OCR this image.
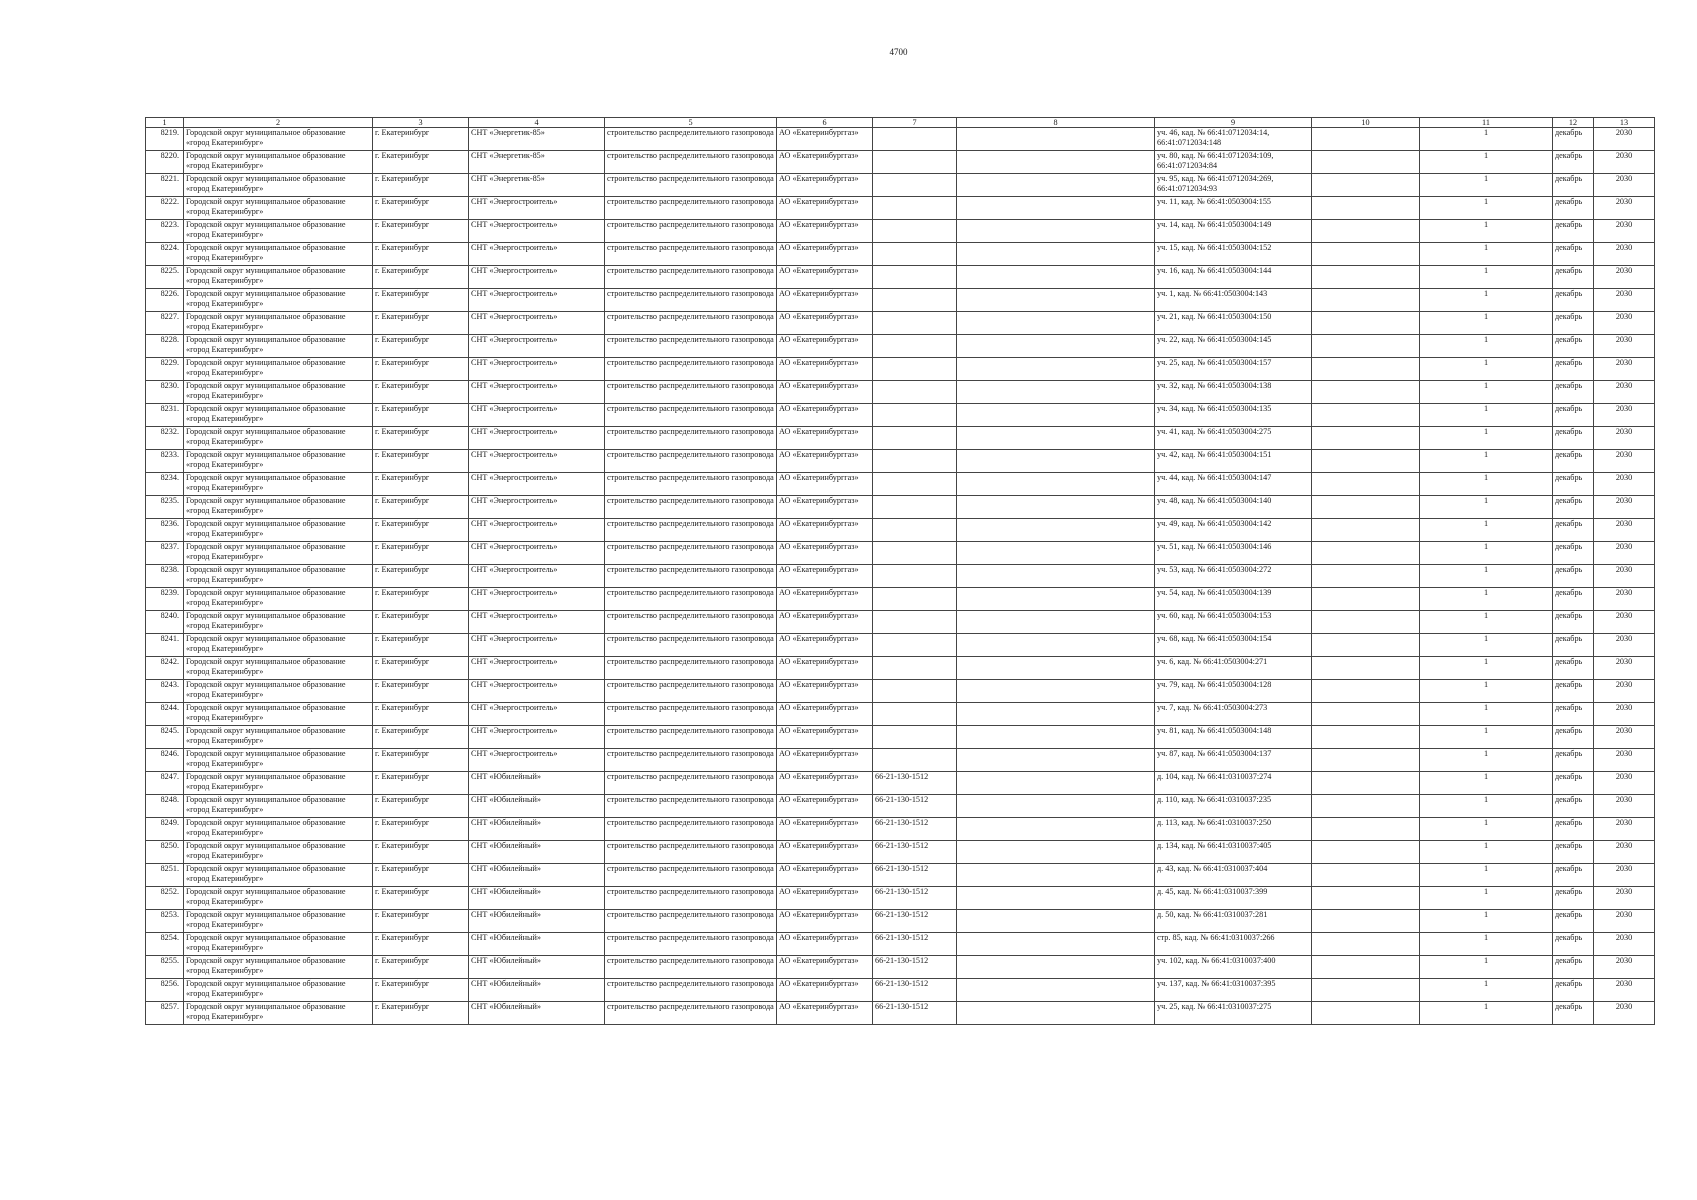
4700
1	2	3	4	5	6	7	8	9	10	11	12	13
8219.	Городской округ муниципальное образование «город Екатеринбург»	г. Екатеринбург	СНТ «Энергетик-85»	строительство распределительного газопровода	АО «Екатеринбурггаз»			уч. 46, кад. № 66:41:0712034:14, 66:41:0712034:148		1	декабрь	2030
8220.	Городской округ муниципальное образование «город Екатеринбург»	г. Екатеринбург	СНТ «Энергетик-85»	строительство распределительного газопровода	АО «Екатеринбурггаз»			уч. 80, кад. № 66:41:0712034:109, 66:41:0712034:84		1	декабрь	2030
8221.	Городской округ муниципальное образование «город Екатеринбург»	г. Екатеринбург	СНТ «Энергетик-85»	строительство распределительного газопровода	АО «Екатеринбурггаз»			уч. 95, кад. № 66:41:0712034:269, 66:41:0712034:93		1	декабрь	2030
8222.	Городской округ муниципальное образование «город Екатеринбург»	г. Екатеринбург	СНТ «Энергостроитель»	строительство распределительного газопровода	АО «Екатеринбурггаз»			уч. 11, кад. № 66:41:0503004:155		1	декабрь	2030
8223.	Городской округ муниципальное образование «город Екатеринбург»	г. Екатеринбург	СНТ «Энергостроитель»	строительство распределительного газопровода	АО «Екатеринбурггаз»			уч. 14, кад. № 66:41:0503004:149		1	декабрь	2030
8224.	Городской округ муниципальное образование «город Екатеринбург»	г. Екатеринбург	СНТ «Энергостроитель»	строительство распределительного газопровода	АО «Екатеринбурггаз»			уч. 15, кад. № 66:41:0503004:152		1	декабрь	2030
8225.	Городской округ муниципальное образование «город Екатеринбург»	г. Екатеринбург	СНТ «Энергостроитель»	строительство распределительного газопровода	АО «Екатеринбурггаз»			уч. 16, кад. № 66:41:0503004:144		1	декабрь	2030
8226.	Городской округ муниципальное образование «город Екатеринбург»	г. Екатеринбург	СНТ «Энергостроитель»	строительство распределительного газопровода	АО «Екатеринбурггаз»			уч. 1, кад. № 66:41:0503004:143		1	декабрь	2030
8227.	Городской округ муниципальное образование «город Екатеринбург»	г. Екатеринбург	СНТ «Энергостроитель»	строительство распределительного газопровода	АО «Екатеринбурггаз»			уч. 21, кад. № 66:41:0503004:150		1	декабрь	2030
8228.	Городской округ муниципальное образование «город Екатеринбург»	г. Екатеринбург	СНТ «Энергостроитель»	строительство распределительного газопровода	АО «Екатеринбурггаз»			уч. 22, кад. № 66:41:0503004:145		1	декабрь	2030
8229.	Городской округ муниципальное образование «город Екатеринбург»	г. Екатеринбург	СНТ «Энергостроитель»	строительство распределительного газопровода	АО «Екатеринбурггаз»			уч. 25, кад. № 66:41:0503004:157		1	декабрь	2030
8230.	Городской округ муниципальное образование «город Екатеринбург»	г. Екатеринбург	СНТ «Энергостроитель»	строительство распределительного газопровода	АО «Екатеринбурггаз»			уч. 32, кад. № 66:41:0503004:138		1	декабрь	2030
8231.	Городской округ муниципальное образование «город Екатеринбург»	г. Екатеринбург	СНТ «Энергостроитель»	строительство распределительного газопровода	АО «Екатеринбурггаз»			уч. 34, кад. № 66:41:0503004:135		1	декабрь	2030
8232.	Городской округ муниципальное образование «город Екатеринбург»	г. Екатеринбург	СНТ «Энергостроитель»	строительство распределительного газопровода	АО «Екатеринбурггаз»			уч. 41, кад. № 66:41:0503004:275		1	декабрь	2030
8233.	Городской округ муниципальное образование «город Екатеринбург»	г. Екатеринбург	СНТ «Энергостроитель»	строительство распределительного газопровода	АО «Екатеринбурггаз»			уч. 42, кад. № 66:41:0503004:151		1	декабрь	2030
8234.	Городской округ муниципальное образование «город Екатеринбург»	г. Екатеринбург	СНТ «Энергостроитель»	строительство распределительного газопровода	АО «Екатеринбурггаз»			уч. 44, кад. № 66:41:0503004:147		1	декабрь	2030
8235.	Городской округ муниципальное образование «город Екатеринбург»	г. Екатеринбург	СНТ «Энергостроитель»	строительство распределительного газопровода	АО «Екатеринбурггаз»			уч. 48, кад. № 66:41:0503004:140		1	декабрь	2030
8236.	Городской округ муниципальное образование «город Екатеринбург»	г. Екатеринбург	СНТ «Энергостроитель»	строительство распределительного газопровода	АО «Екатеринбурггаз»			уч. 49, кад. № 66:41:0503004:142		1	декабрь	2030
8237.	Городской округ муниципальное образование «город Екатеринбург»	г. Екатеринбург	СНТ «Энергостроитель»	строительство распределительного газопровода	АО «Екатеринбурггаз»			уч. 51, кад. № 66:41:0503004:146		1	декабрь	2030
8238.	Городской округ муниципальное образование «город Екатеринбург»	г. Екатеринбург	СНТ «Энергостроитель»	строительство распределительного газопровода	АО «Екатеринбурггаз»			уч. 53, кад. № 66:41:0503004:272		1	декабрь	2030
8239.	Городской округ муниципальное образование «город Екатеринбург»	г. Екатеринбург	СНТ «Энергостроитель»	строительство распределительного газопровода	АО «Екатеринбурггаз»			уч. 54, кад. № 66:41:0503004:139		1	декабрь	2030
8240.	Городской округ муниципальное образование «город Екатеринбург»	г. Екатеринбург	СНТ «Энергостроитель»	строительство распределительного газопровода	АО «Екатеринбурггаз»			уч. 60, кад. № 66:41:0503004:153		1	декабрь	2030
8241.	Городской округ муниципальное образование «город Екатеринбург»	г. Екатеринбург	СНТ «Энергостроитель»	строительство распределительного газопровода	АО «Екатеринбурггаз»			уч. 68, кад. № 66:41:0503004:154		1	декабрь	2030
8242.	Городской округ муниципальное образование «город Екатеринбург»	г. Екатеринбург	СНТ «Энергостроитель»	строительство распределительного газопровода	АО «Екатеринбурггаз»			уч. 6, кад. № 66:41:0503004:271		1	декабрь	2030
8243.	Городской округ муниципальное образование «город Екатеринбург»	г. Екатеринбург	СНТ «Энергостроитель»	строительство распределительного газопровода	АО «Екатеринбурггаз»			уч. 79, кад. № 66:41:0503004:128		1	декабрь	2030
8244.	Городской округ муниципальное образование «город Екатеринбург»	г. Екатеринбург	СНТ «Энергостроитель»	строительство распределительного газопровода	АО «Екатеринбурггаз»			уч. 7, кад. № 66:41:0503004:273		1	декабрь	2030
8245.	Городской округ муниципальное образование «город Екатеринбург»	г. Екатеринбург	СНТ «Энергостроитель»	строительство распределительного газопровода	АО «Екатеринбурггаз»			уч. 81, кад. № 66:41:0503004:148		1	декабрь	2030
8246.	Городской округ муниципальное образование «город Екатеринбург»	г. Екатеринбург	СНТ «Энергостроитель»	строительство распределительного газопровода	АО «Екатеринбурггаз»			уч. 87, кад. № 66:41:0503004:137		1	декабрь	2030
8247.	Городской округ муниципальное образование «город Екатеринбург»	г. Екатеринбург	СНТ «Юбилейный»	строительство распределительного газопровода	АО «Екатеринбурггаз»	66-21-130-1512		д. 104, кад. № 66:41:0310037:274		1	декабрь	2030
8248.	Городской округ муниципальное образование «город Екатеринбург»	г. Екатеринбург	СНТ «Юбилейный»	строительство распределительного газопровода	АО «Екатеринбурггаз»	66-21-130-1512		д. 110, кад. № 66:41:0310037:235		1	декабрь	2030
8249.	Городской округ муниципальное образование «город Екатеринбург»	г. Екатеринбург	СНТ «Юбилейный»	строительство распределительного газопровода	АО «Екатеринбурггаз»	66-21-130-1512		д. 113, кад. № 66:41:0310037:250		1	декабрь	2030
8250.	Городской округ муниципальное образование «город Екатеринбург»	г. Екатеринбург	СНТ «Юбилейный»	строительство распределительного газопровода	АО «Екатеринбурггаз»	66-21-130-1512		д. 134, кад. № 66:41:0310037:405		1	декабрь	2030
8251.	Городской округ муниципальное образование «город Екатеринбург»	г. Екатеринбург	СНТ «Юбилейный»	строительство распределительного газопровода	АО «Екатеринбурггаз»	66-21-130-1512		д. 43, кад. № 66:41:0310037:404		1	декабрь	2030
8252.	Городской округ муниципальное образование «город Екатеринбург»	г. Екатеринбург	СНТ «Юбилейный»	строительство распределительного газопровода	АО «Екатеринбурггаз»	66-21-130-1512		д. 45, кад. № 66:41:0310037:399		1	декабрь	2030
8253.	Городской округ муниципальное образование «город Екатеринбург»	г. Екатеринбург	СНТ «Юбилейный»	строительство распределительного газопровода	АО «Екатеринбурггаз»	66-21-130-1512		д. 50, кад. № 66:41:0310037:281		1	декабрь	2030
8254.	Городской округ муниципальное образование «город Екатеринбург»	г. Екатеринбург	СНТ «Юбилейный»	строительство распределительного газопровода	АО «Екатеринбурггаз»	66-21-130-1512		стр. 85, кад. № 66:41:0310037:266		1	декабрь	2030
8255.	Городской округ муниципальное образование «город Екатеринбург»	г. Екатеринбург	СНТ «Юбилейный»	строительство распределительного газопровода	АО «Екатеринбурггаз»	66-21-130-1512		уч. 102, кад. № 66:41:0310037:400		1	декабрь	2030
8256.	Городской округ муниципальное образование «город Екатеринбург»	г. Екатеринбург	СНТ «Юбилейный»	строительство распределительного газопровода	АО «Екатеринбурггаз»	66-21-130-1512		уч. 137, кад. № 66:41:0310037:395		1	декабрь	2030
8257.	Городской округ муниципальное образование «город Екатеринбург»	г. Екатеринбург	СНТ «Юбилейный»	строительство распределительного газопровода	АО «Екатеринбурггаз»	66-21-130-1512		уч. 25, кад. № 66:41:0310037:275		1	декабрь	2030
